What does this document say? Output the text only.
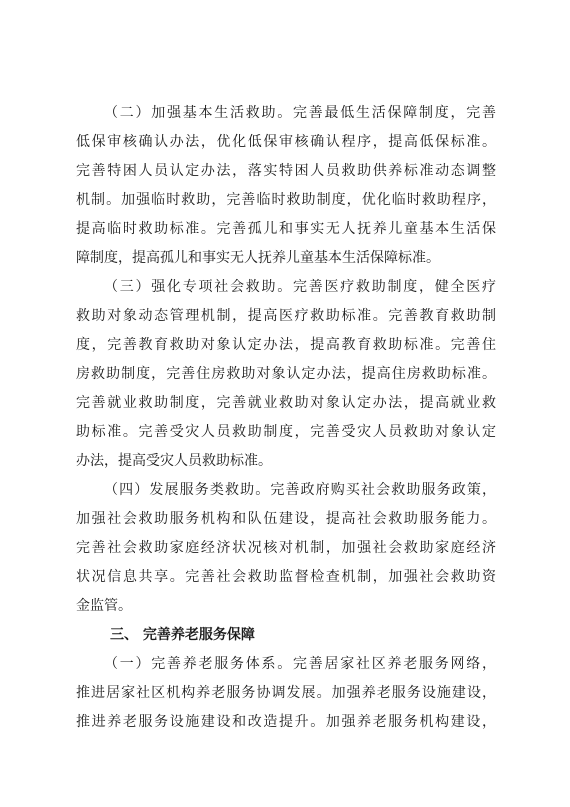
（二）加强基本生活救助。完善最低生活保障制度，完善
低保审核确认办法，优化低保审核确认程序，提高低保标准。
完善特困人员认定办法，落实特困人员救助供养标准动态调整
机制。加强临时救助，完善临时救助制度，优化临时救助程序，
提高临时救助标准。完善孤儿和事实无人抚养儿童基本生活保
障制度，提高孤儿和事实无人抚养儿童基本生活保障标准。
（三）强化专项社会救助。完善医疗救助制度，健全医疗
救助对象动态管理机制，提高医疗救助标准。完善教育救助制
度，完善教育救助对象认定办法，提高教育救助标准。完善住
房救助制度，完善住房救助对象认定办法，提高住房救助标准。
完善就业救助制度，完善就业救助对象认定办法，提高就业救
助标准。完善受灾人员救助制度，完善受灾人员救助对象认定
办法，提高受灾人员救助标准。
（四）发展服务类救助。完善政府购买社会救助服务政策，
加强社会救助服务机构和队伍建设，提高社会救助服务能力。
完善社会救助家庭经济状况核对机制，加强社会救助家庭经济
状况信息共享。完善社会救助监督检查机制，加强社会救助资
金监管。
三、 完善养老服务保障
（一）完善养老服务体系。完善居家社区养老服务网络，
推进居家社区机构养老服务协调发展。加强养老服务设施建设，
推进养老服务设施建设和改造提升。加强养老服务机构建设，
